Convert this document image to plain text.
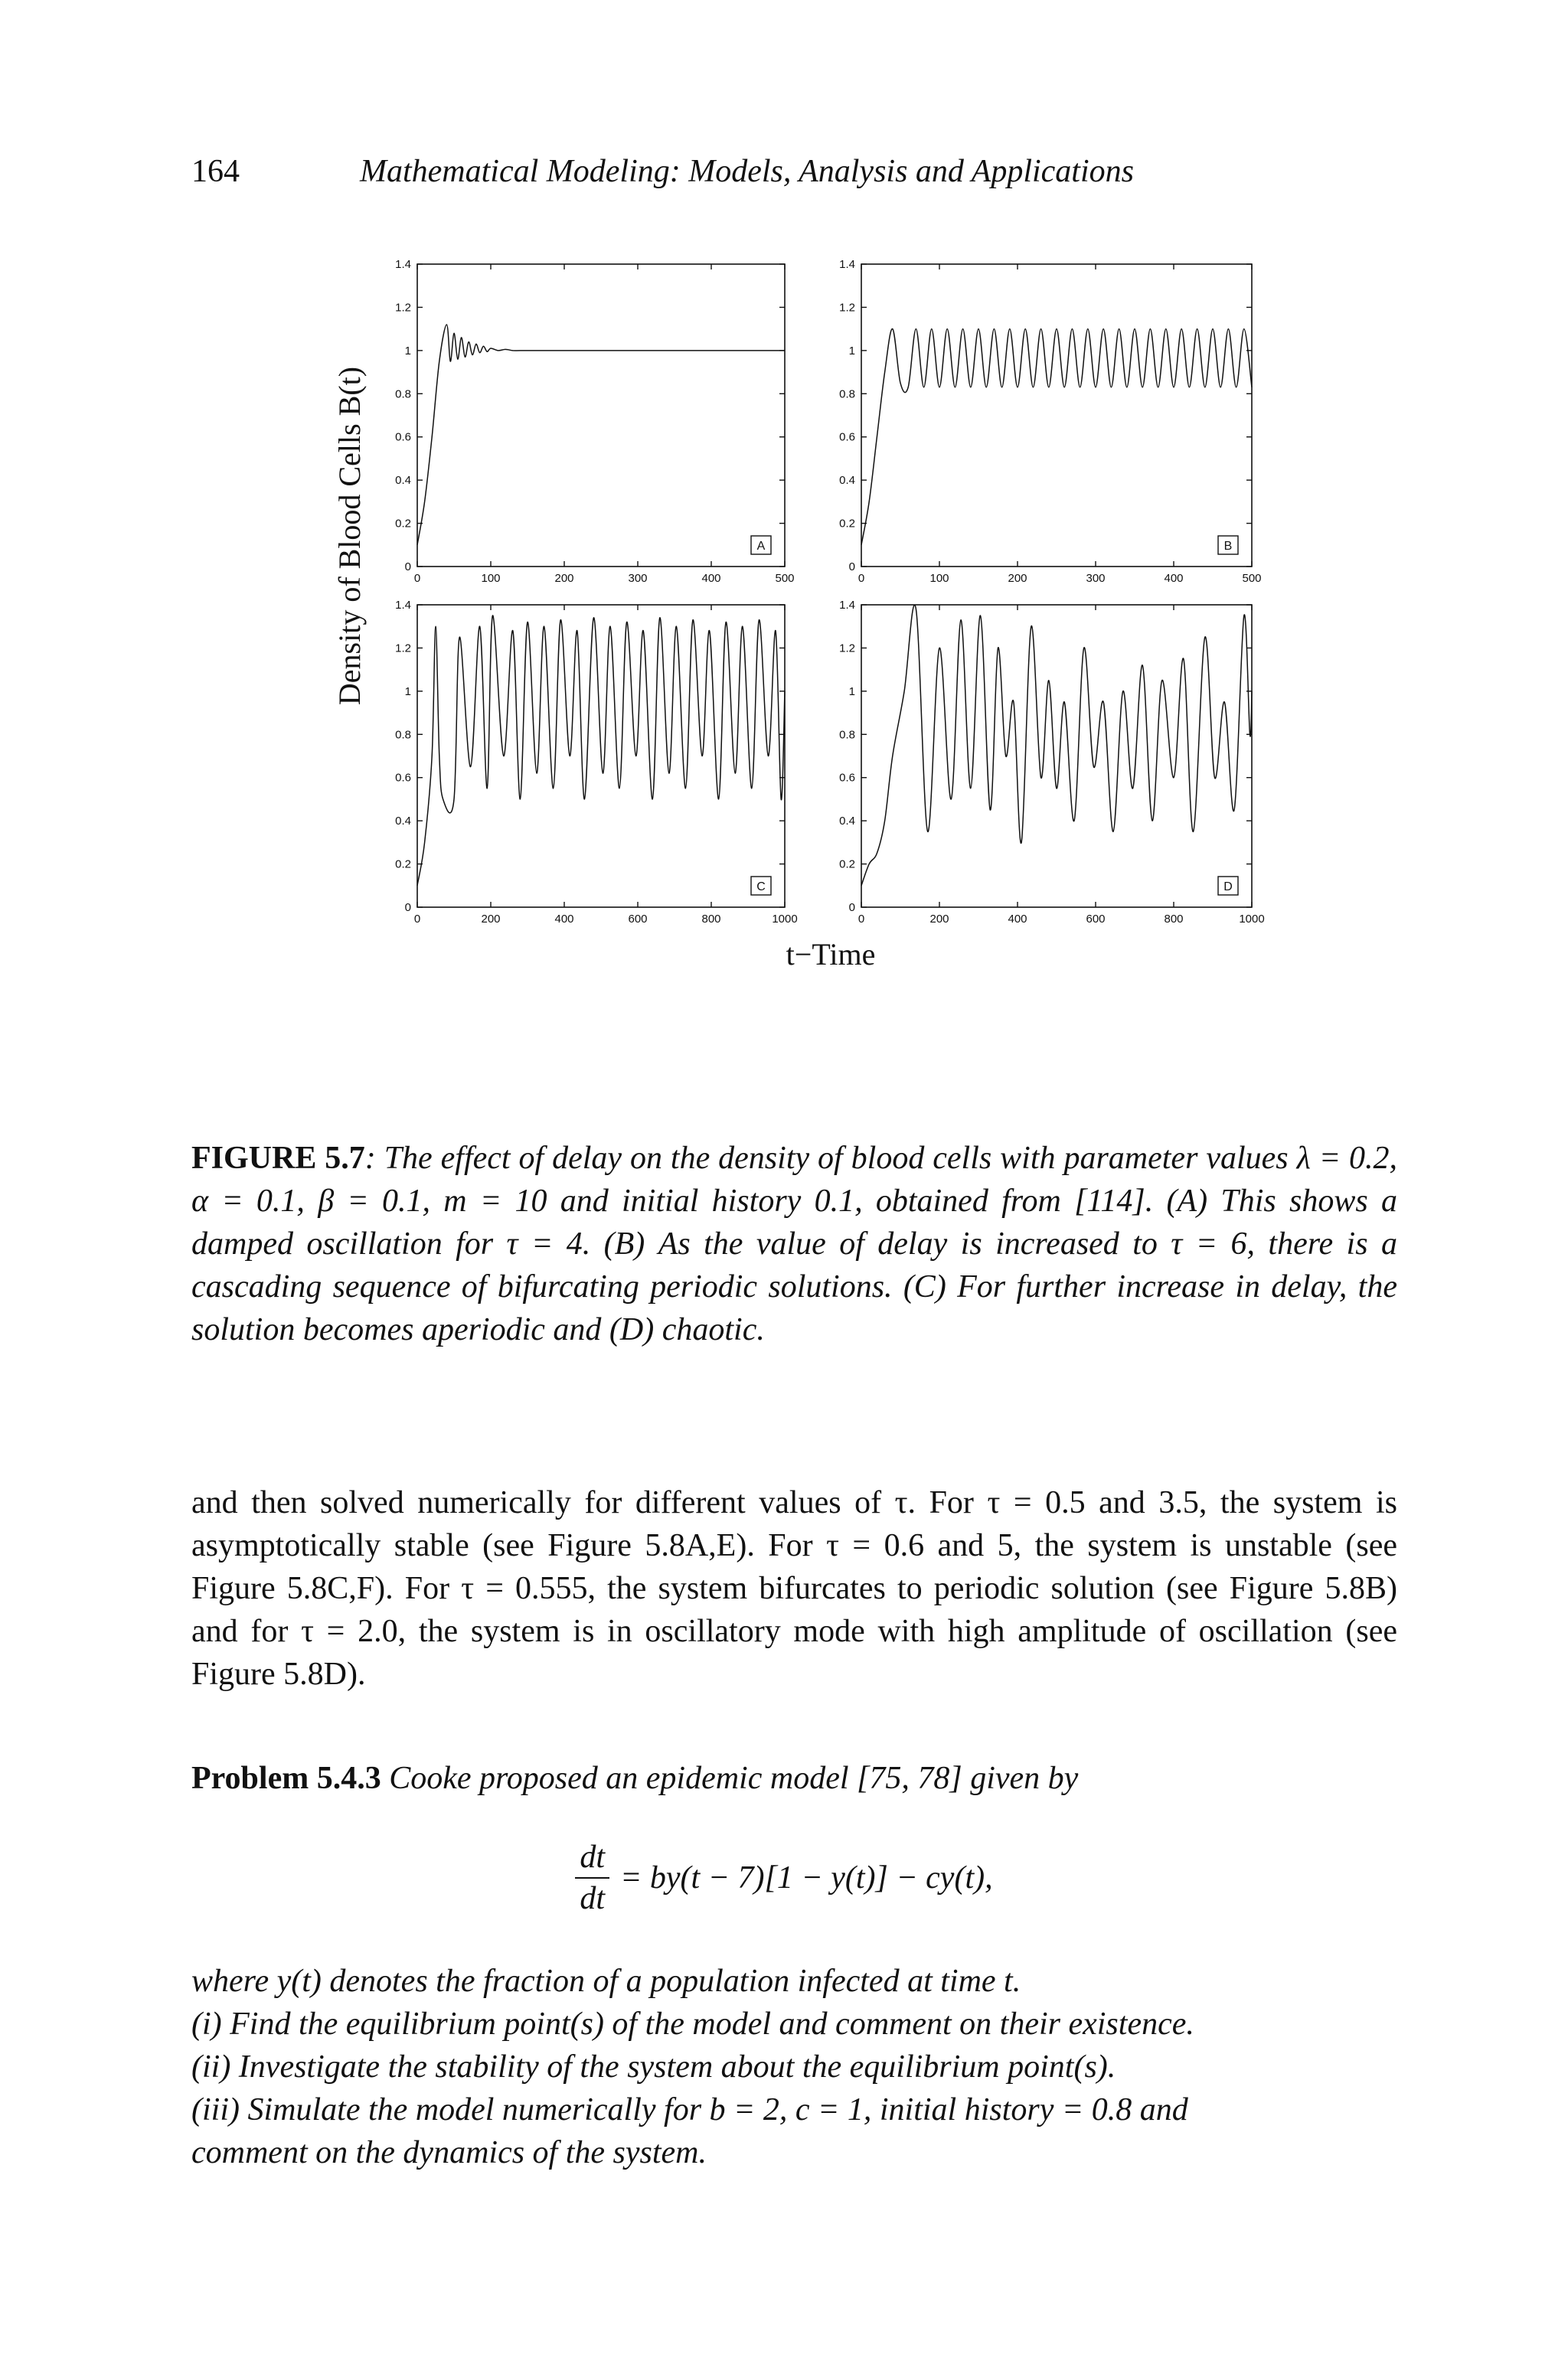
164	Mathematical Modeling: Models, Analysis and Applications
Density of Blood Cells B(t)
t−Time
0
0.2
0.4
0.6
0.8
1
1.2
1.4
0	100	200	300	400	500
A
0
0.2
0.4
0.6
0.8
1
1.2
1.4
0	100	200	300	400	500
B
0
0.2
0.4
0.6
0.8
1
1.2
1.4
0	200	400	600	800	1000
C
0
0.2
0.4
0.6
0.8
1
1.2
1.4
0	200	400	600	800	1000
D
FIGURE 5.7: The effect of delay on the density of blood cells with parameter values λ = 0.2, α = 0.1, β = 0.1, m = 10 and initial history 0.1, obtained from [114]. (A) This shows a damped oscillation for τ = 4. (B) As the value of delay is increased to τ = 6, there is a cascading sequence of bifurcating periodic solutions. (C) For further increase in delay, the solution becomes aperiodic and (D) chaotic.
and then solved numerically for different values of τ. For τ = 0.5 and 3.5, the system is asymptotically stable (see Figure 5.8A,E). For τ = 0.6 and 5, the system is unstable (see Figure 5.8C,F). For τ = 0.555, the system bifurcates to periodic solution (see Figure 5.8B) and for τ = 2.0, the system is in oscillatory mode with high amplitude of oscillation (see Figure 5.8D).
Problem 5.4.3 Cooke proposed an epidemic model [75, 78] given by
$\frac{dt}{dt} = by(t - 7)[1 - y(t)] - cy(t)$,
where y(t) denotes the fraction of a population infected at time t.
(i) Find the equilibrium point(s) of the model and comment on their existence.
(ii) Investigate the stability of the system about the equilibrium point(s).
(iii) Simulate the model numerically for b = 2, c = 1, initial history = 0.8 and
comment on the dynamics of the system.
